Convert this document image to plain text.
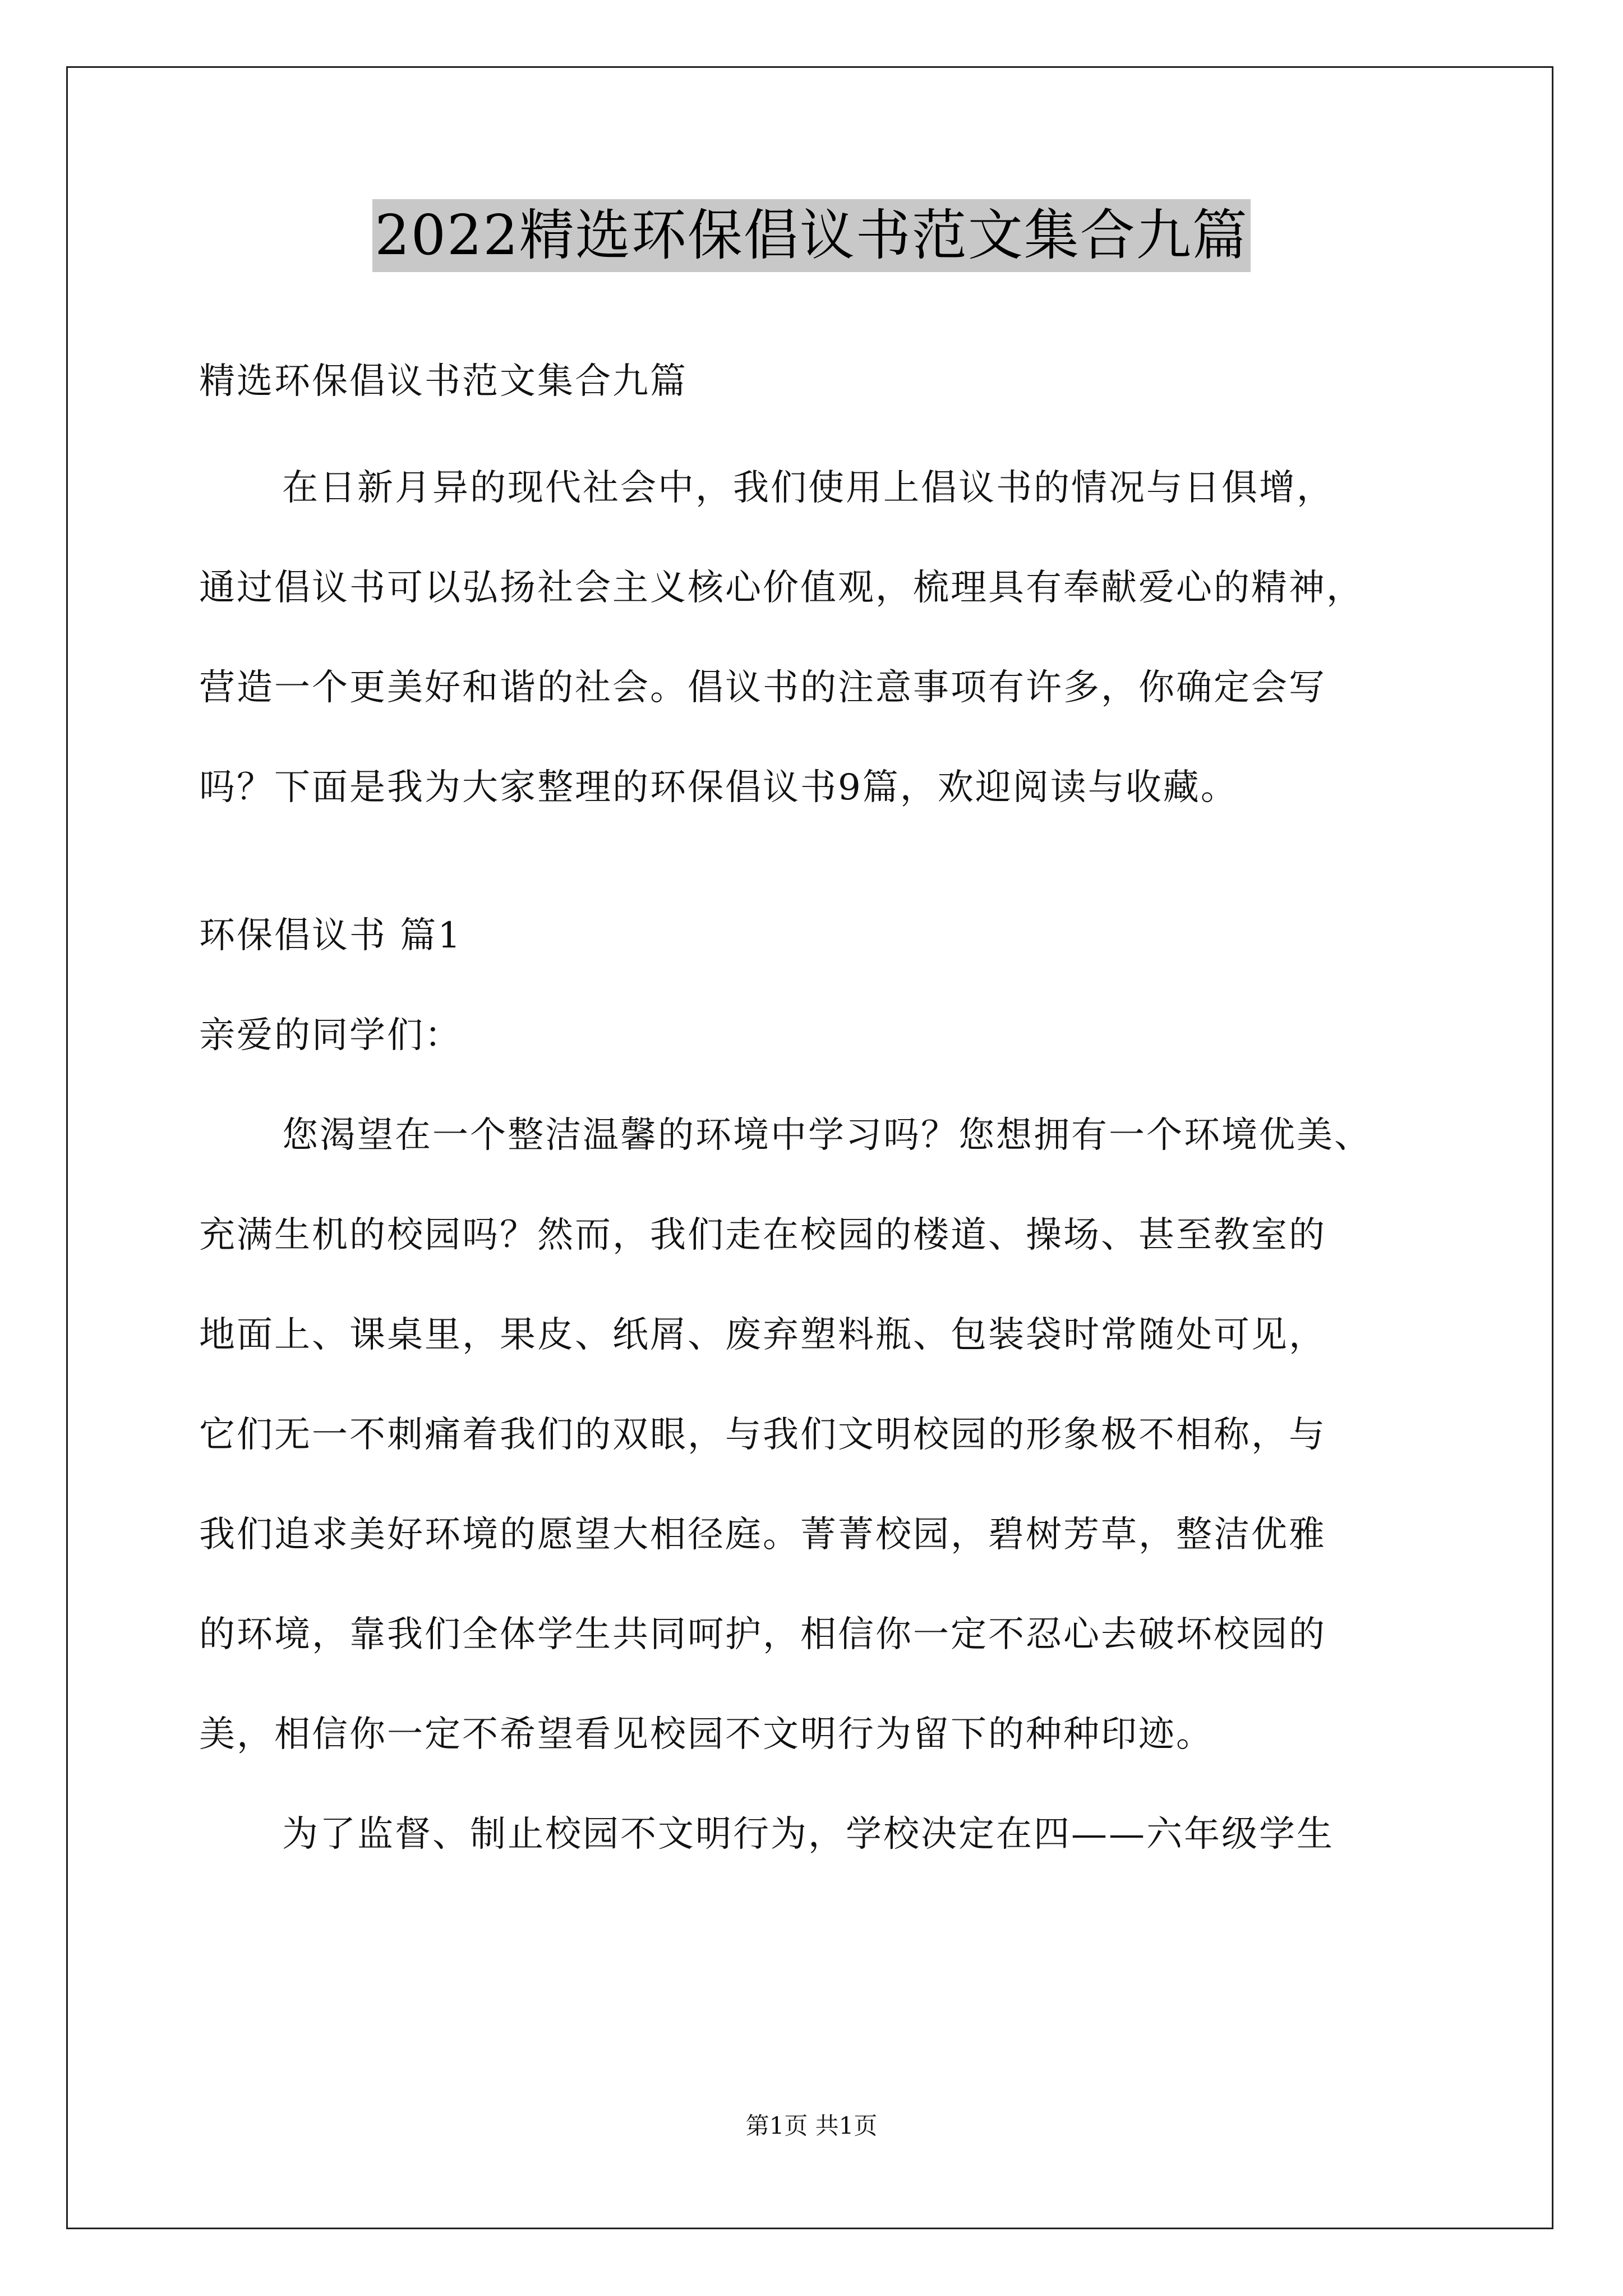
2022精选环保倡议书范文集合九篇
精选环保倡议书范文集合九篇
在日新月异的现代社会中，我们使用上倡议书的情况与日俱增，
通过倡议书可以弘扬社会主义核心价值观，梳理具有奉献爱心的精神，
营造一个更美好和谐的社会。倡议书的注意事项有许多，你确定会写
吗？下面是我为大家整理的环保倡议书9篇，欢迎阅读与收藏。
环保倡议书 篇1
亲爱的同学们：
您渴望在一个整洁温馨的环境中学习吗？您想拥有一个环境优美、
充满生机的校园吗？然而，我们走在校园的楼道、操场、甚至教室的
地面上、课桌里，果皮、纸屑、废弃塑料瓶、包装袋时常随处可见，
它们无一不刺痛着我们的双眼，与我们文明校园的形象极不相称，与
我们追求美好环境的愿望大相径庭。菁菁校园，碧树芳草，整洁优雅
的环境，靠我们全体学生共同呵护，相信你一定不忍心去破坏校园的
美，相信你一定不希望看见校园不文明行为留下的种种印迹。
为了监督、制止校园不文明行为，学校决定在四——六年级学生
第1页 共1页
